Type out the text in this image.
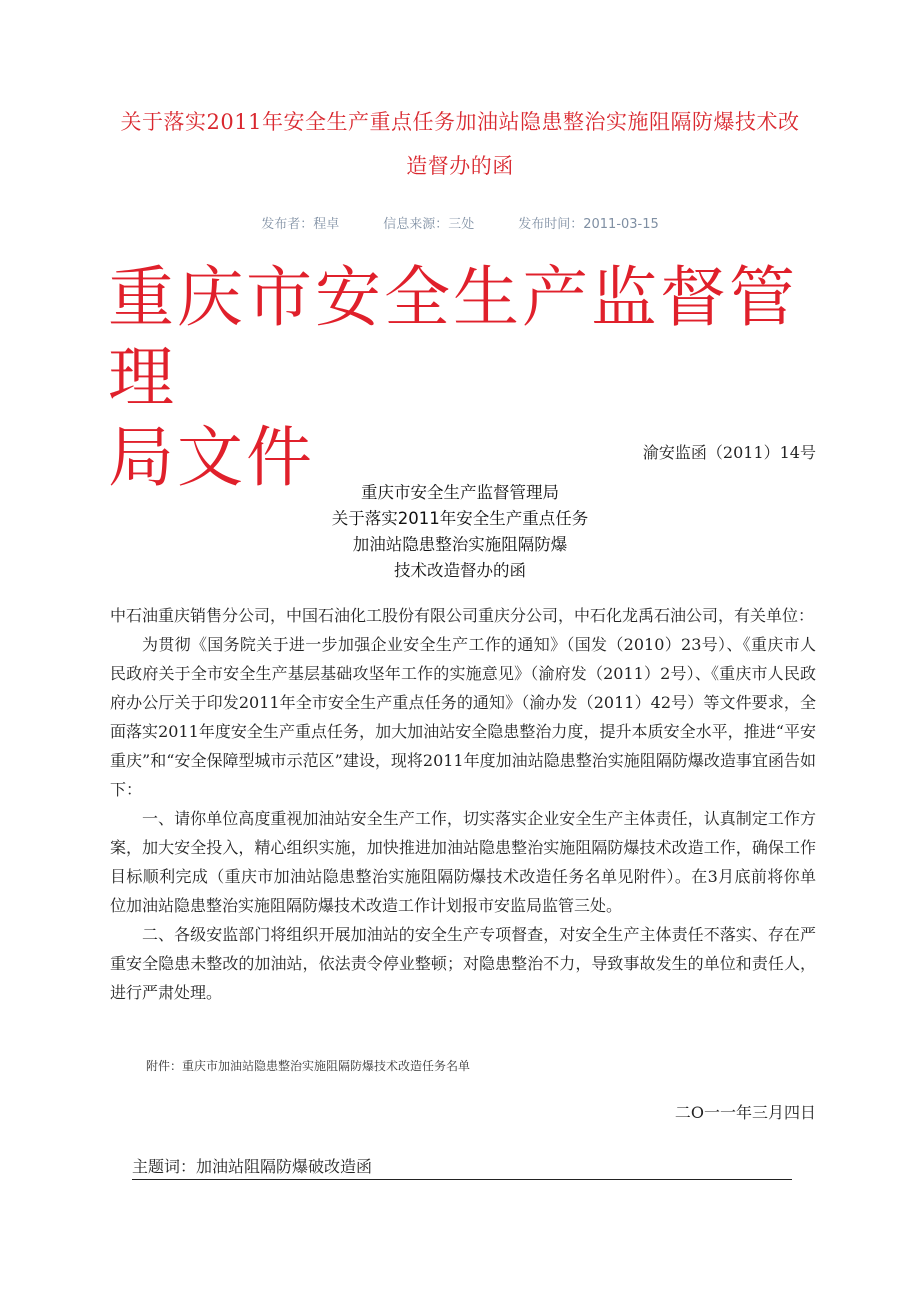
关于落实2011年安全生产重点任务加油站隐患整治实施阻隔防爆技术改造督办的函
发布者：程卓	信息来源：三处	发布时间：2011-03-15
重庆市安全生产监督管理
局文件	渝安监函（2011）14号
重庆市安全生产监督管理局
关于落实2011年安全生产重点任务
加油站隐患整治实施阻隔防爆
技术改造督办的函

中石油重庆销售分公司，中国石油化工股份有限公司重庆分公司，中石化龙禹石油公司，有关单位：

为贯彻《国务院关于进一步加强企业安全生产工作的通知》（国发（2010）23号）、《重庆市人民政府关于全市安全生产基层基础攻坚年工作的实施意见》（渝府发（2011）2号）、《重庆市人民政府办公厅关于印发2011年全市安全生产重点任务的通知》（渝办发（2011）42号）等文件要求，全面落实2011年度安全生产重点任务，加大加油站安全隐患整治力度，提升本质安全水平，推进“平安重庆”和“安全保障型城市示范区”建设，现将2011年度加油站隐患整治实施阻隔防爆改造事宜函告如下：

一、请你单位高度重视加油站安全生产工作，切实落实企业安全生产主体责任，认真制定工作方案，加大安全投入，精心组织实施，加快推进加油站隐患整治实施阻隔防爆技术改造工作，确保工作目标顺利完成（重庆市加油站隐患整治实施阻隔防爆技术改造任务名单见附件）。在3月底前将你单位加油站隐患整治实施阻隔防爆技术改造工作计划报市安监局监管三处。

二、各级安监部门将组织开展加油站的安全生产专项督查，对安全生产主体责任不落实、存在严重安全隐患未整改的加油站，依法责令停业整顿；对隐患整治不力，导致事故发生的单位和责任人，进行严肃处理。

附件：重庆市加油站隐患整治实施阻隔防爆技术改造任务名单
二O一一年三月四日
主题词：加油站阻隔防爆破改造函
